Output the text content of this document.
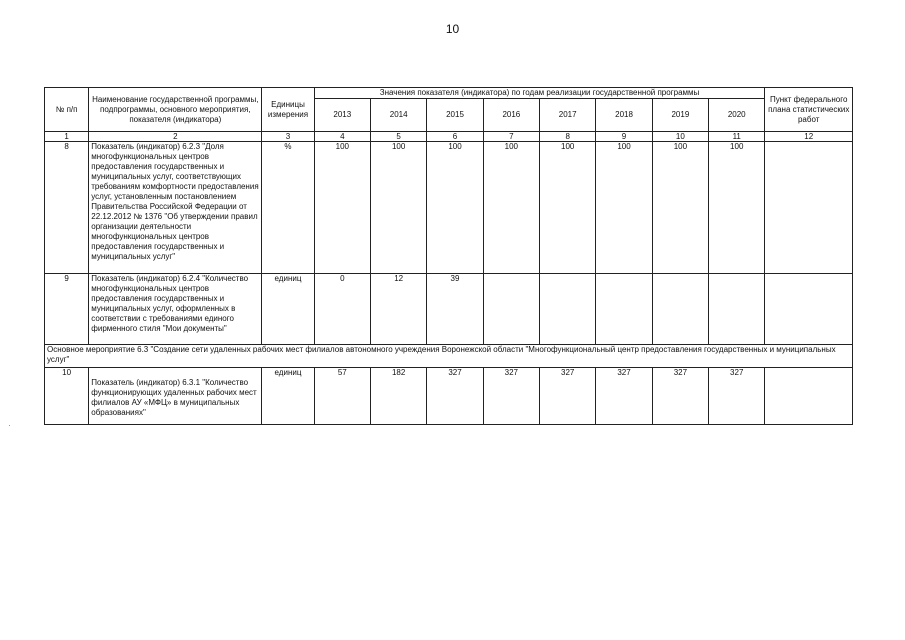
10
№ п/п	Наименование государственной программы, подпрограммы, основного мероприятия, показателя (индикатора)	Единицы измерения	Значения показателя (индикатора) по годам реализации государственной программы								Пункт федерального плана статистических работ
			2013	2014	2015	2016	2017	2018	2019	2020	
1	2	3	4	5	6	7	8	9	10	11	12
8	Показатель (индикатор) 6.2.3 "Доля многофункциональных центров предоставления государственных и муниципальных услуг, соответствующих требованиям комфортности предоставления услуг, установленным постановлением Правительства Российской Федерации от 22.12.2012 № 1376 "Об утверждении правил организации деятельности многофункциональных центров предоставления государственных и муниципальных услуг"	%	100	100	100	100	100	100	100	100	
9	Показатель (индикатор) 6.2.4 "Количество многофункциональных центров предоставления государственных и муниципальных услуг, оформленных в соответствии с требованиями единого фирменного стиля "Мои документы"	единиц	0	12	39						
Основное мероприятие 6.3 "Создание сети удаленных рабочих мест филиалов автономного учреждения Воронежской области "Многофункциональный центр предоставления государственных и муниципальных услуг"											
10	Показатель (индикатор) 6.3.1 "Количество функционирующих удаленных рабочих мест филиалов АУ «МФЦ» в муниципальных образованиях"	единиц	57	182	327	327	327	327	327	327	
